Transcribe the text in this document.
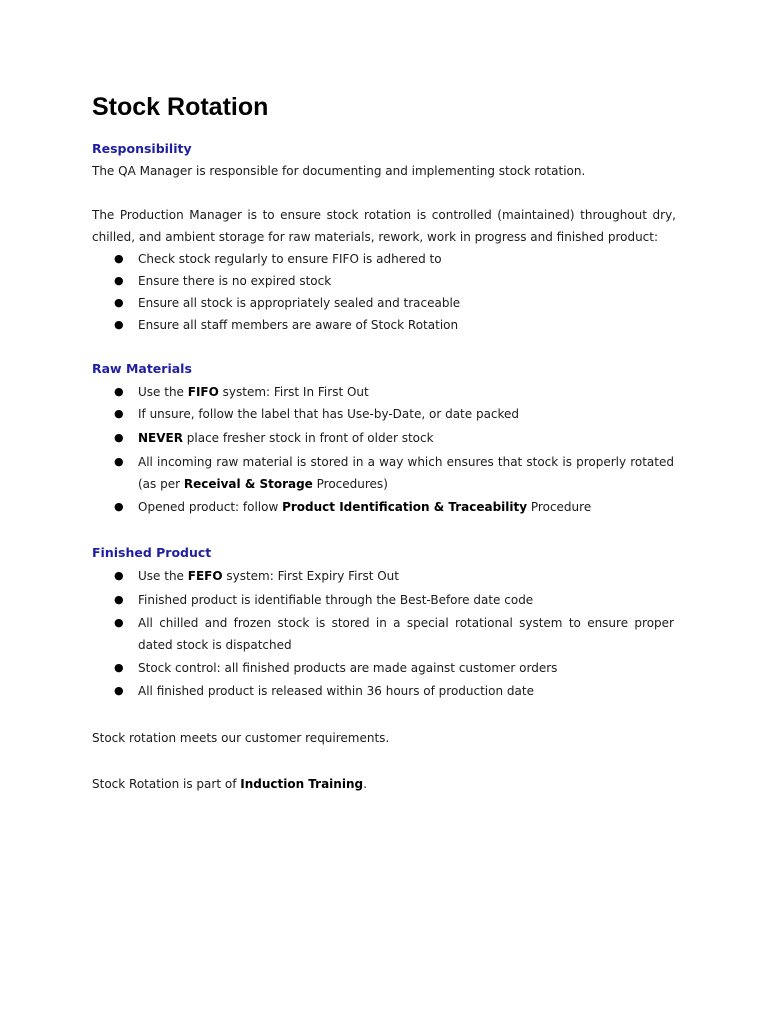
Stock Rotation
Responsibility

The QA Manager is responsible for documenting and implementing stock rotation.

The Production Manager is to ensure stock rotation is controlled (maintained) throughout dry, chilled, and ambient storage for raw materials, rework, work in progress and finished product:

● Check stock regularly to ensure FIFO is adhered to
● Ensure there is no expired stock
● Ensure all stock is appropriately sealed and traceable
● Ensure all staff members are aware of Stock Rotation
Raw Materials
● Use the FIFO system: First In First Out
● If unsure, follow the label that has Use-by-Date, or date packed
● NEVER place fresher stock in front of older stock
● All incoming raw material is stored in a way which ensures that stock is properly rotated (as per Receival & Storage Procedures)
● Opened product: follow Product Identification & Traceability Procedure
Finished Product
● Use the FEFO system: First Expiry First Out
● Finished product is identifiable through the Best-Before date code
● All chilled and frozen stock is stored in a special rotational system to ensure proper dated stock is dispatched
● Stock control: all finished products are made against customer orders
● All finished product is released within 36 hours of production date

Stock rotation meets our customer requirements.

Stock Rotation is part of Induction Training.
